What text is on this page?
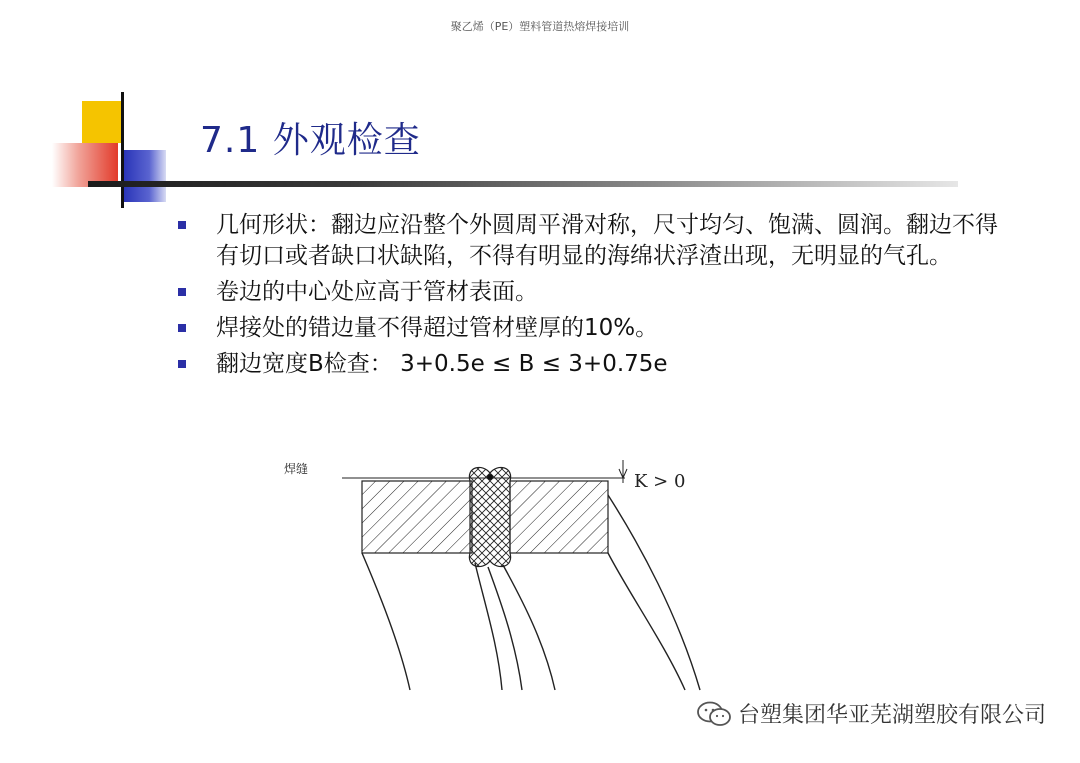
聚乙烯（PE）塑料管道热熔焊接培训
7.1 外观检查
几何形状：翻边应沿整个外圆周平滑对称，尺寸均匀、饱满、圆润。翻边不得有切口或者缺口状缺陷，不得有明显的海绵状浮渣出现，无明显的气孔。
卷边的中心处应高于管材表面。
焊接处的错边量不得超过管材壁厚的10%。
翻边宽度B检查： 3+0.5e ≤ B ≤ 3+0.75e
K > 0
焊缝
台塑集团华亚芜湖塑胶有限公司
